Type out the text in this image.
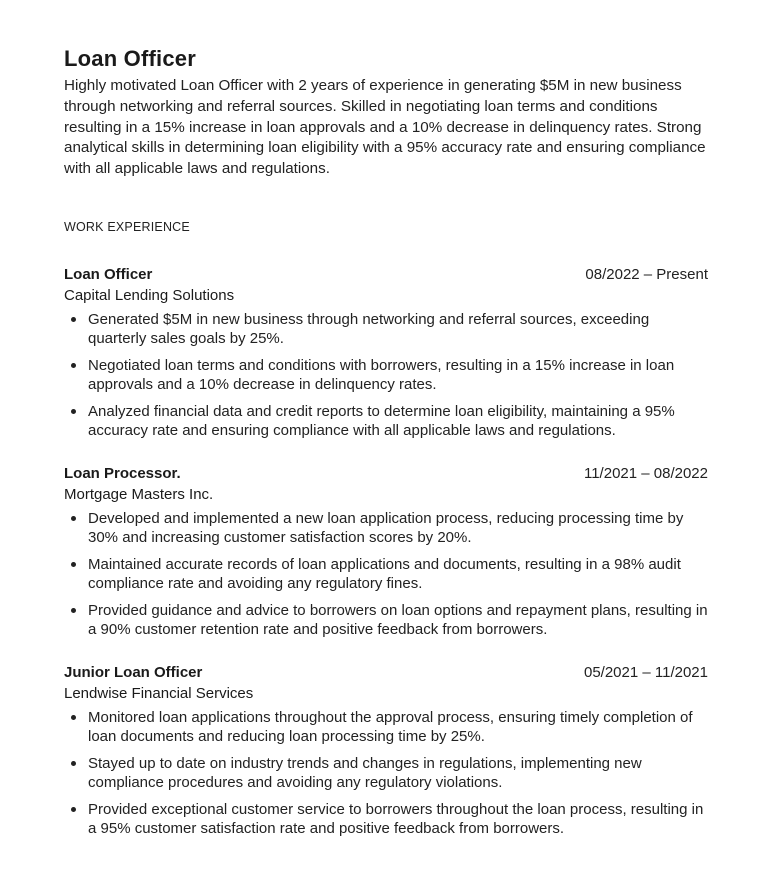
Loan Officer

Highly motivated Loan Officer with 2 years of experience in generating $5M in new business through networking and referral sources. Skilled in negotiating loan terms and conditions resulting in a 15% increase in loan approvals and a 10% decrease in delinquency rates. Strong analytical skills in determining loan eligibility with a 95% accuracy rate and ensuring compliance with all applicable laws and regulations.

WORK EXPERIENCE
Loan Officer	08/2022 – Present
Capital Lending Solutions
Generated $5M in new business through networking and referral sources, exceeding quarterly sales goals by 25%.
Negotiated loan terms and conditions with borrowers, resulting in a 15% increase in loan approvals and a 10% decrease in delinquency rates.
Analyzed financial data and credit reports to determine loan eligibility, maintaining a 95% accuracy rate and ensuring compliance with all applicable laws and regulations.
Loan Processor.	11/2021 – 08/2022
Mortgage Masters Inc.
Developed and implemented a new loan application process, reducing processing time by 30% and increasing customer satisfaction scores by 20%.
Maintained accurate records of loan applications and documents, resulting in a 98% audit compliance rate and avoiding any regulatory fines.
Provided guidance and advice to borrowers on loan options and repayment plans, resulting in a 90% customer retention rate and positive feedback from borrowers.
Junior Loan Officer	05/2021 – 11/2021
Lendwise Financial Services
Monitored loan applications throughout the approval process, ensuring timely completion of loan documents and reducing loan processing time by 25%.
Stayed up to date on industry trends and changes in regulations, implementing new compliance procedures and avoiding any regulatory violations.
Provided exceptional customer service to borrowers throughout the loan process, resulting in a 95% customer satisfaction rate and positive feedback from borrowers.
